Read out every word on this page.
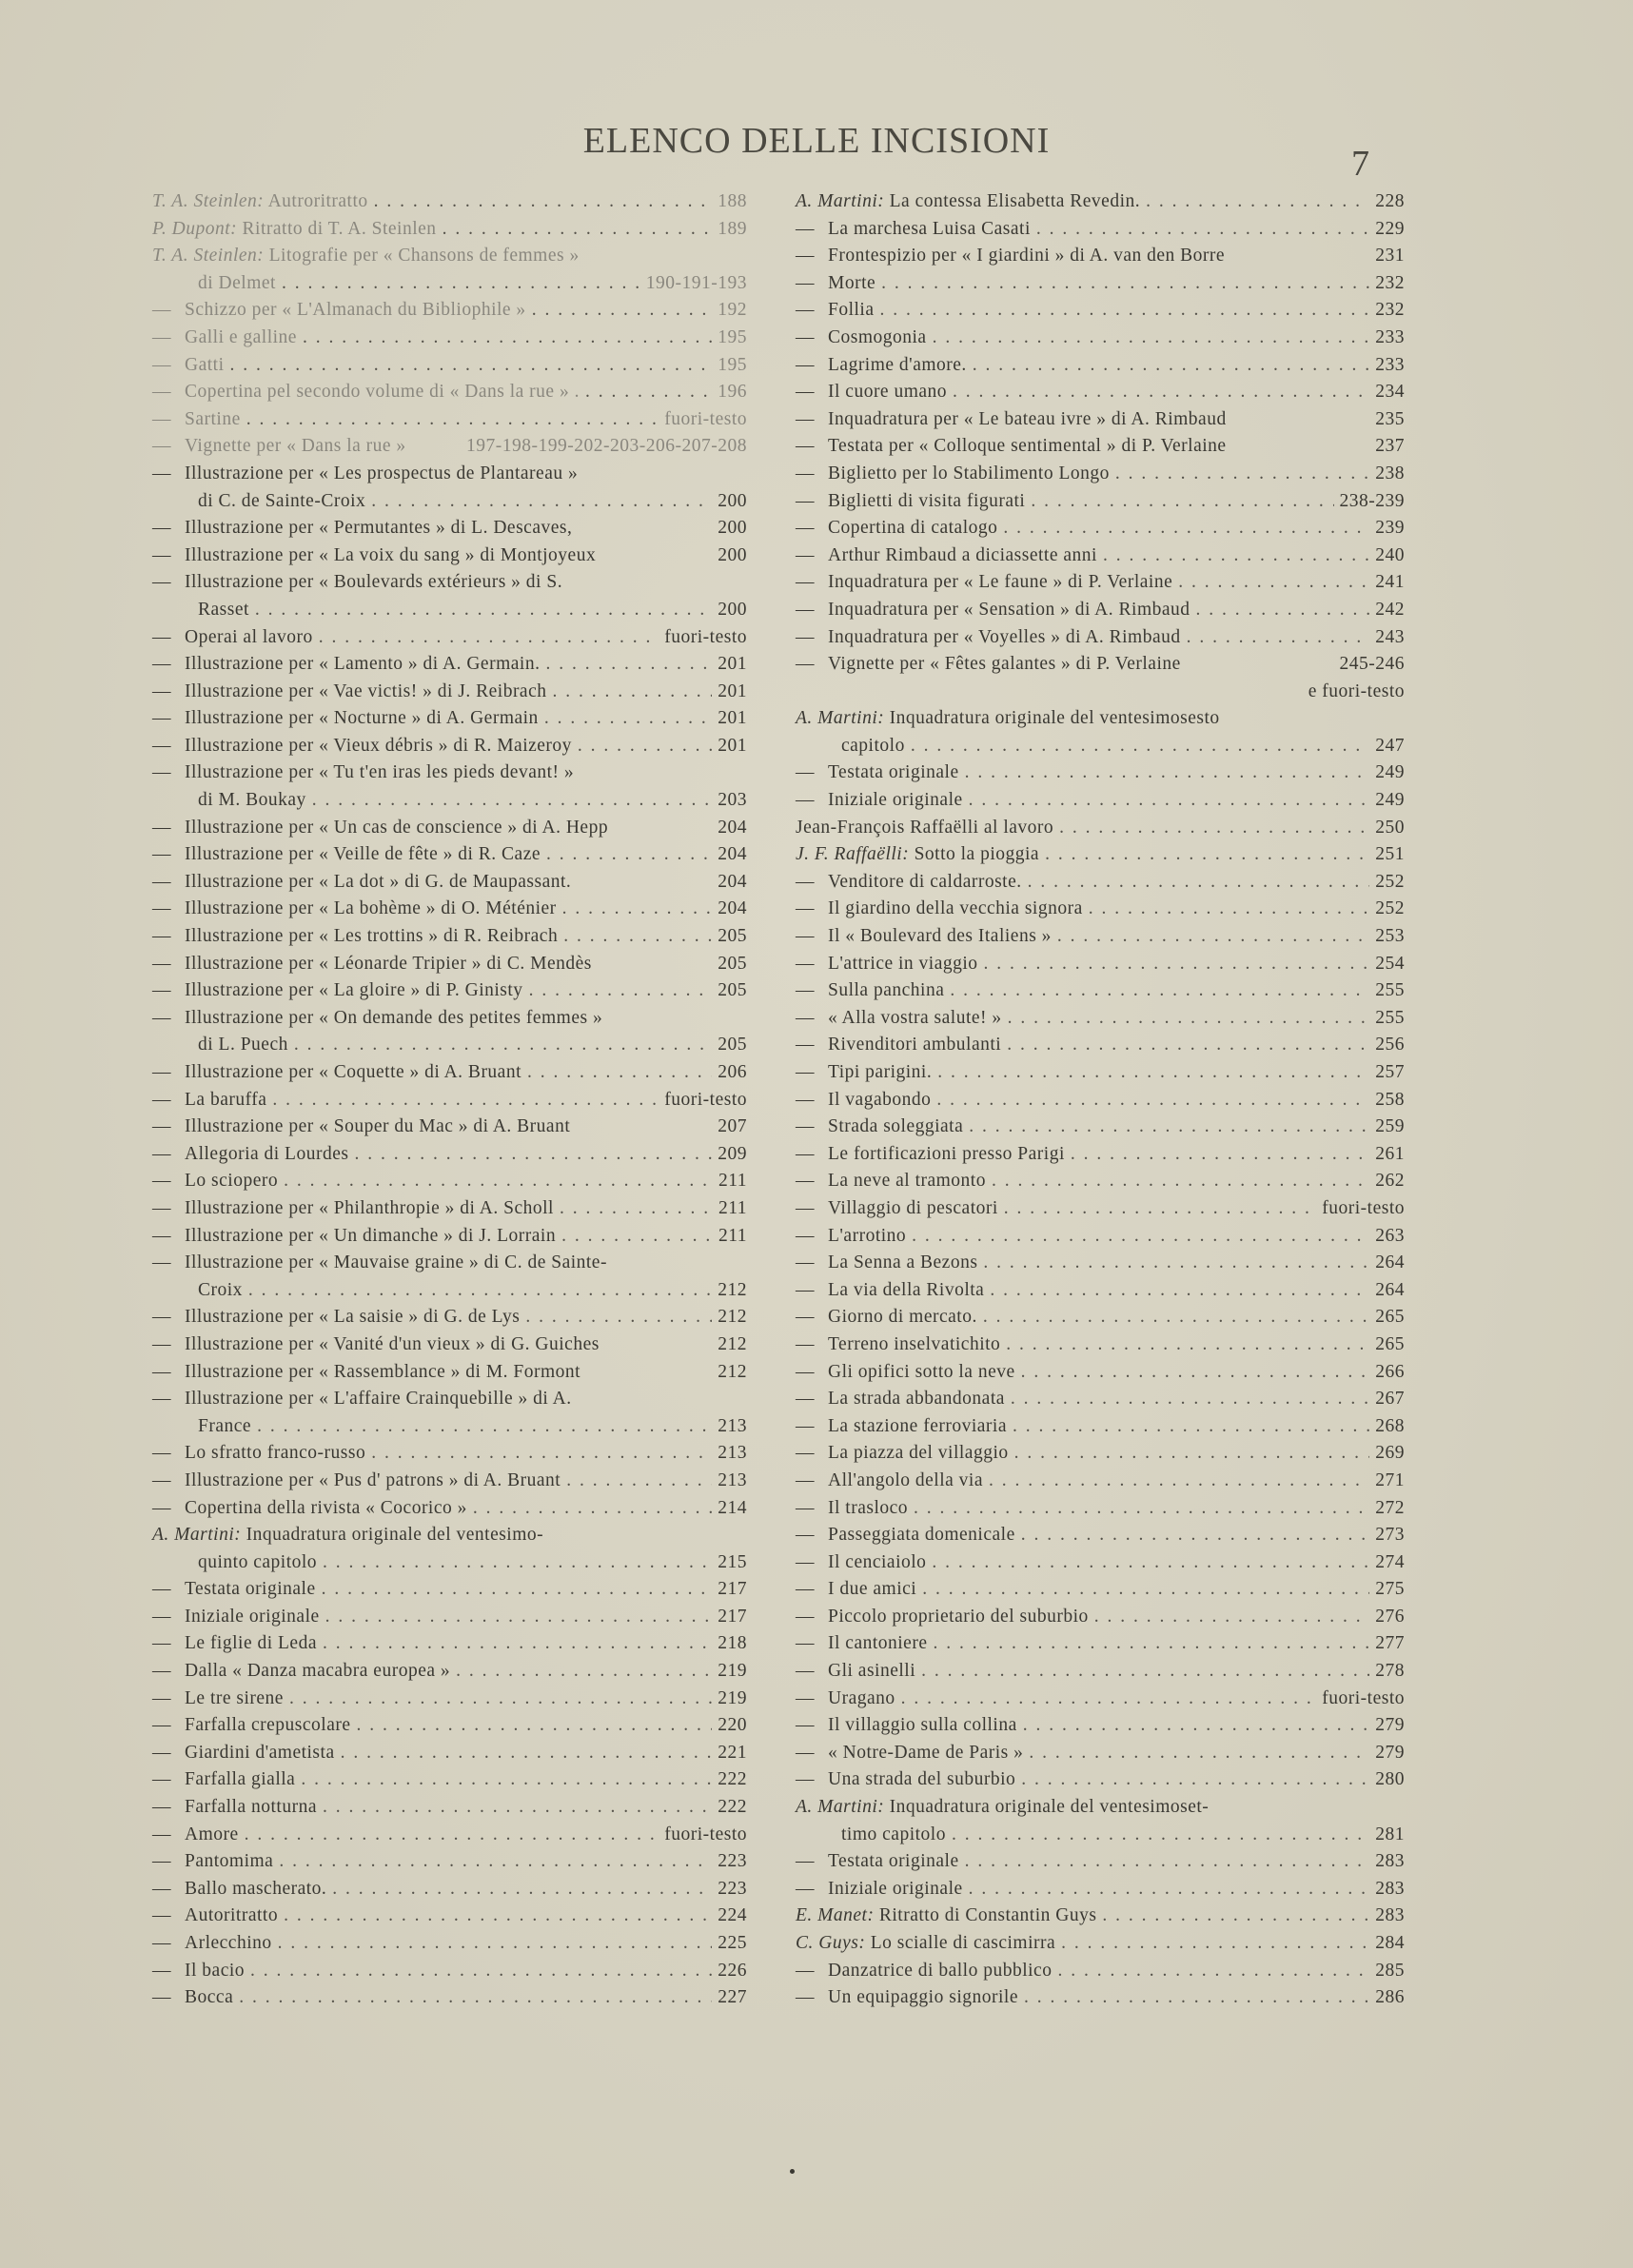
ELENCO DELLE INCISIONI
7
T. A. Steinlen: Autroritratto . . .	188
P. Dupont: Ritratto di T. A. Steinlen . . .	189
T. A. Steinlen: Litografie per « Chansons de femmes »
di Delmet . . .	190-191-193
— Schizzo per « L'Almanach du Bibliophile » . . .	192
— Galli e galline . . .	195
— Gatti . . .	195
— Copertina pel secondo volume di « Dans la rue » . . . .	196
— Sartine . . .	fuori-testo
— Vignette per « Dans la rue »	197-198-199-202-203-206-207-208
— Illustrazione per « Les prospectus de Plantareau »
di C. de Sainte-Croix . . .	200
— Illustrazione per « Permutantes » di L. Descaves,	200
— Illustrazione per « La voix du sang » di Montjoyeux	200
— Illustrazione per « Boulevards extérieurs » di S.
Rasset . . .	200
— Operai al lavoro . . .	fuori-testo
— Illustrazione per « Lamento » di A. Germain. . . .	201
— Illustrazione per « Vae victis! » di J. Reibrach . . .	201
— Illustrazione per « Nocturne » di A. Germain . . .	201
— Illustrazione per « Vieux débris » di R. Maizeroy . . .	201
— Illustrazione per « Tu t'en iras les pieds devant! »
di M. Boukay . . .	203
— Illustrazione per « Un cas de conscience » di A. Hepp	204
— Illustrazione per « Veille de fête » di R. Caze . . .	204
— Illustrazione per « La dot » di G. de Maupassant.	204
— Illustrazione per « La bohème » di O. Méténier . . .	204
— Illustrazione per « Les trottins » di R. Reibrach . . .	205
— Illustrazione per « Léonarde Tripier » di C. Mendès	205
— Illustrazione per « La gloire » di P. Ginisty . . .	205
— Illustrazione per « On demande des petites femmes »
di L. Puech . . .	205
— Illustrazione per « Coquette » di A. Bruant . . .	206
— La baruffa . . .	fuori-testo
— Illustrazione per « Souper du Mac » di A. Bruant	207
— Allegoria di Lourdes . . .	209
— Lo sciopero . . .	211
— Illustrazione per « Philanthropie » di A. Scholl . . .	211
— Illustrazione per « Un dimanche » di J. Lorrain . . .	211
— Illustrazione per « Mauvaise graine » di C. de Sainte-
Croix . . .	212
— Illustrazione per « La saisie » di G. de Lys . . .	212
— Illustrazione per « Vanité d'un vieux » di G. Guiches	212
— Illustrazione per « Rassemblance » di M. Formont	212
— Illustrazione per « L'affaire Crainquebille » di A.
France . . .	213
— Lo sfratto franco-russo . . .	213
— Illustrazione per « Pus d' patrons » di A. Bruant . . .	213
— Copertina della rivista « Cocorico » . . .	214
A. Martini: Inquadratura originale del ventesimo-
quinto capitolo . . .	215
— Testata originale . . .	217
— Iniziale originale . . .	217
— Le figlie di Leda . . .	218
— Dalla « Danza macabra europea » . . .	219
— Le tre sirene . . .	219
— Farfalla crepuscolare . . .	220
— Giardini d'ametista . . .	221
— Farfalla gialla . . .	222
— Farfalla notturna . . .	222
— Amore . . .	fuori-testo
— Pantomima . . .	223
— Ballo mascherato. . . .	223
— Autoritratto . . .	224
— Arlecchino . . .	225
— Il bacio . . .	226
— Bocca . . .	227
A. Martini: La contessa Elisabetta Revedin. . . .	228
— La marchesa Luisa Casati . . .	229
— Frontespizio per « I giardini » di A. van den Borre	231
— Morte . . .	232
— Follia . . .	232
— Cosmogonia . . .	233
— Lagrime d'amore. . . .	233
— Il cuore umano . . .	234
— Inquadratura per « Le bateau ivre » di A. Rimbaud	235
— Testata per « Colloque sentimental » di P. Verlaine	237
— Biglietto per lo Stabilimento Longo . . .	238
— Biglietti di visita figurati . . .	238-239
— Copertina di catalogo . . .	239
— Arthur Rimbaud a diciassette anni . . .	240
— Inquadratura per « Le faune » di P. Verlaine . . .	241
— Inquadratura per « Sensation » di A. Rimbaud . . .	242
— Inquadratura per « Voyelles » di A. Rimbaud . . .	243
— Vignette per « Fêtes galantes » di P. Verlaine	245-246
e fuori-testo
A. Martini: Inquadratura originale del ventesimosesto
capitolo . . .	247
— Testata originale . . .	249
— Iniziale originale . . .	249
Jean-François Raffaëlli al lavoro . . .	250
J. F. Raffaëlli: Sotto la pioggia . . .	251
— Venditore di caldarroste. . . .	252
— Il giardino della vecchia signora . . .	252
— Il « Boulevard des Italiens » . . .	253
— L'attrice in viaggio . . .	254
— Sulla panchina . . .	255
— « Alla vostra salute! » . . .	255
— Rivenditori ambulanti . . .	256
— Tipi parigini. . . .	257
— Il vagabondo . . .	258
— Strada soleggiata . . .	259
— Le fortificazioni presso Parigi . . .	261
— La neve al tramonto . . .	262
— Villaggio di pescatori . . .	fuori-testo
— L'arrotino . . .	263
— La Senna a Bezons . . .	264
— La via della Rivolta . . .	264
— Giorno di mercato. . . .	265
— Terreno inselvatichito . . .	265
— Gli opifici sotto la neve . . .	266
— La strada abbandonata . . .	267
— La stazione ferroviaria . . .	268
— La piazza del villaggio . . .	269
— All'angolo della via . . .	271
— Il trasloco . . .	272
— Passeggiata domenicale . . .	273
— Il cenciaiolo . . .	274
— I due amici . . .	275
— Piccolo proprietario del suburbio . . .	276
— Il cantoniere . . .	277
— Gli asinelli . . .	278
— Uragano . . .	fuori-testo
— Il villaggio sulla collina . . .	279
— « Notre-Dame de Paris » . . .	279
— Una strada del suburbio . . .	280
A. Martini: Inquadratura originale del ventesimoset-
timo capitolo . . .	281
— Testata originale . . .	283
— Iniziale originale . . .	283
E. Manet: Ritratto di Constantin Guys . . .	283
C. Guys: Lo scialle di cascimirra . . .	284
— Danzatrice di ballo pubblico . . .	285
— Un equipaggio signorile . . .	286
